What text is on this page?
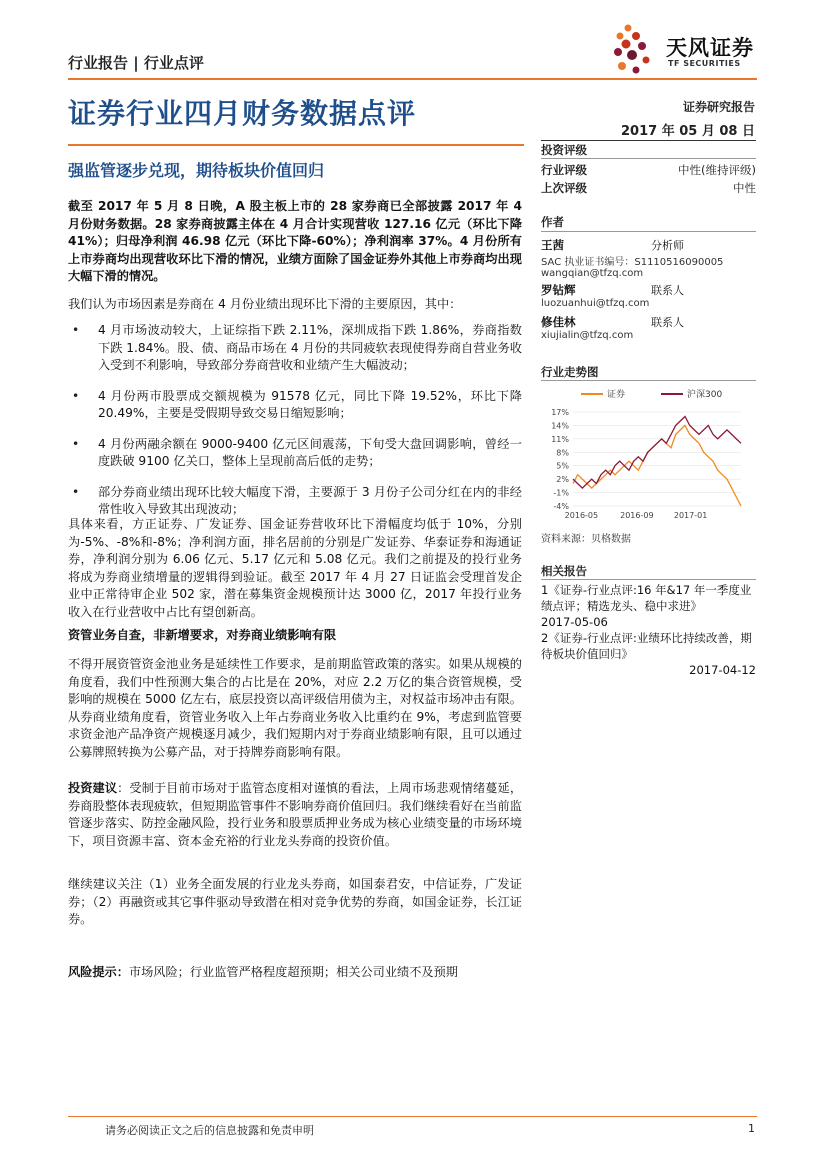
行业报告 | 行业点评
天风证券
TF SECURITIES
证券行业四月财务数据点评	证券研究报告
2017 年 05 月 08 日
强监管逐步兑现，期待板块价值回归
截至 2017 年 5 月 8 日晚，A 股主板上市的 28 家券商已全部披露 2017 年 4 月份财务数据。28 家券商披露主体在 4 月合计实现营收 127.16 亿元（环比下降 41%）；归母净利润 46.98 亿元（环比下降-60%）；净利润率 37%。4 月份所有上市券商均出现营收环比下滑的情况，业绩方面除了国金证券外其他上市券商均出现大幅下滑的情况。
我们认为市场因素是券商在 4 月份业绩出现环比下滑的主要原因，其中：
• 4 月市场波动较大，上证综指下跌 2.11%，深圳成指下跌 1.86%，券商指数下跌 1.84%。股、债、商品市场在 4 月份的共同疲软表现使得券商自营业务收入受到不利影响，导致部分券商营收和业绩产生大幅波动；
• 4 月份两市股票成交额规模为 91578 亿元，同比下降 19.52%，环比下降 20.49%，主要是受假期导致交易日缩短影响；
• 4 月份两融余额在 9000-9400 亿元区间震荡，下旬受大盘回调影响，曾经一度跌破 9100 亿关口，整体上呈现前高后低的走势；
• 部分券商业绩出现环比较大幅度下滑，主要源于 3 月份子公司分红在内的非经常性收入导致其出现波动；
具体来看，方正证券、广发证券、国金证券营收环比下滑幅度均低于 10%，分别为-5%、-8%和-8%；净利润方面，排名居前的分别是广发证券、华泰证券和海通证券，净利润分别为 6.06 亿元、5.17 亿元和 5.08 亿元。我们之前提及的投行业务将成为券商业绩增量的逻辑得到验证。截至 2017 年 4 月 27 日证监会受理首发企业中正常待审企业 502 家，潜在募集资金规模预计达 3000 亿，2017 年投行业务收入在行业营收中占比有望创新高。
资管业务自查，非新增要求，对券商业绩影响有限
不得开展资管资金池业务是延续性工作要求，是前期监管政策的落实。如果从规模的角度看，我们中性预测大集合的占比是在 20%，对应 2.2 万亿的集合资管规模，受影响的规模在 5000 亿左右，底层投资以高评级信用债为主，对权益市场冲击有限。从券商业绩角度看，资管业务收入上年占券商业务收入比重约在 9%，考虑到监管要求资金池产品净资产规模逐月减少，我们短期内对于券商业绩影响有限，且可以通过公募牌照转换为公募产品，对于持牌券商影响有限。
投资建议：受制于目前市场对于监管态度相对谨慎的看法，上周市场悲观情绪蔓延，券商股整体表现疲软，但短期监管事件不影响券商价值回归。我们继续看好在当前监管逐步落实、防控金融风险，投行业务和股票质押业务成为核心业绩变量的市场环境下，项目资源丰富、资本金充裕的行业龙头券商的投资价值。
继续建议关注（1）业务全面发展的行业龙头券商，如国泰君安，中信证券，广发证券；（2）再融资或其它事件驱动导致潜在相对竞争优势的券商，如国金证券，长江证券。
风险提示：市场风险；行业监管严格程度超预期；相关公司业绩不及预期
投资评级
行业评级	中性(维持评级)
上次评级	中性
作者
王茜	分析师
SAC 执业证书编号：S1110516090005
wangqian@tfzq.com
罗钻辉	联系人
luozuanhui@tfzq.com
修佳林	联系人
xiujialin@tfzq.com
行业走势图
证券	沪深300
17%
14%
11%
8%
5%
2%
-1%
-4%
2016-05	2016-09	2017-01
资料来源：贝格数据
相关报告
1《证券-行业点评:16 年&17 年一季度业绩点评；精选龙头、稳中求进》
2017-05-06
2《证券-行业点评:业绩环比持续改善，期待板块价值回归》
2017-04-12
请务必阅读正文之后的信息披露和免责申明	1
